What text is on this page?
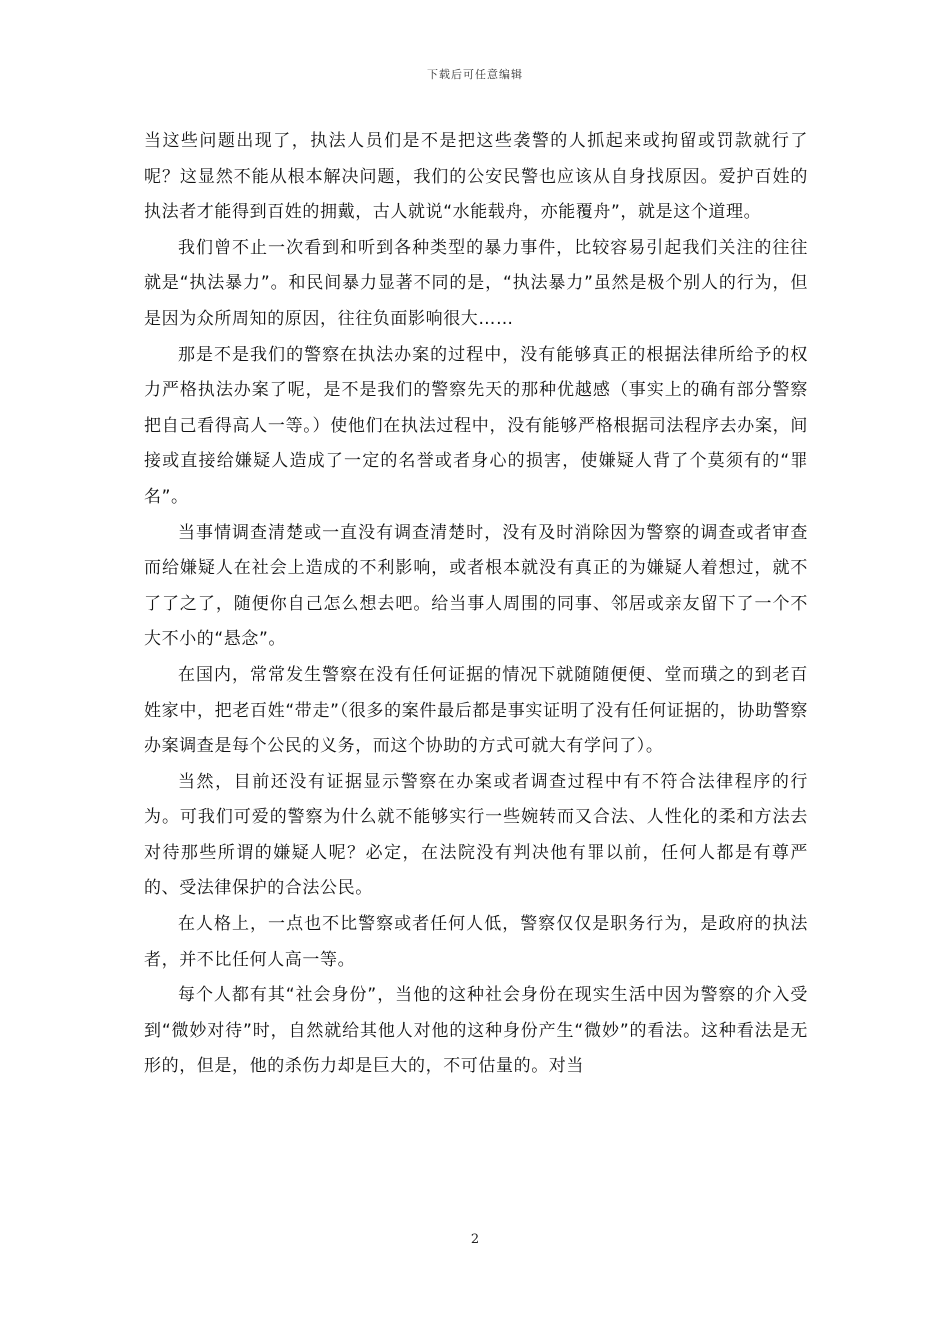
下载后可任意编辑

当这些问题出现了，执法人员们是不是把这些袭警的人抓起来或拘留或罚款就行了呢？这显然不能从根本解决问题，我们的公安民警也应该从自身找原因。爱护百姓的执法者才能得到百姓的拥戴，古人就说“水能载舟，亦能覆舟”，就是这个道理。

我们曾不止一次看到和听到各种类型的暴力事件，比较容易引起我们关注的往往就是“执法暴力”。和民间暴力显著不同的是，“执法暴力”虽然是极个别人的行为，但是因为众所周知的原因，往往负面影响很大……

那是不是我们的警察在执法办案的过程中，没有能够真正的根据法律所给予的权力严格执法办案了呢，是不是我们的警察先天的那种优越感（事实上的确有部分警察把自己看得高人一等。）使他们在执法过程中，没有能够严格根据司法程序去办案，间接或直接给嫌疑人造成了一定的名誉或者身心的损害，使嫌疑人背了个莫须有的“罪名”。

当事情调查清楚或一直没有调查清楚时，没有及时消除因为警察的调查或者审查而给嫌疑人在社会上造成的不利影响，或者根本就没有真正的为嫌疑人着想过，就不了了之了，随便你自己怎么想去吧。给当事人周围的同事、邻居或亲友留下了一个不大不小的“悬念”。

在国内，常常发生警察在没有任何证据的情况下就随随便便、堂而璜之的到老百姓家中，把老百姓“带走”（很多的案件最后都是事实证明了没有任何证据的，协助警察办案调查是每个公民的义务，而这个协助的方式可就大有学问了）。

当然，目前还没有证据显示警察在办案或者调查过程中有不符合法律程序的行为。可我们可爱的警察为什么就不能够实行一些婉转而又合法、人性化的柔和方法去对待那些所谓的嫌疑人呢？必定，在法院没有判决他有罪以前，任何人都是有尊严的、受法律保护的合法公民。

在人格上，一点也不比警察或者任何人低，警察仅仅是职务行为，是政府的执法者，并不比任何人高一等。

每个人都有其“社会身份”，当他的这种社会身份在现实生活中因为警察的介入受到“微妙对待”时，自然就给其他人对他的这种身份产生“微妙”的看法。这种看法是无形的，但是，他的杀伤力却是巨大的，不可估量的。对当

2
